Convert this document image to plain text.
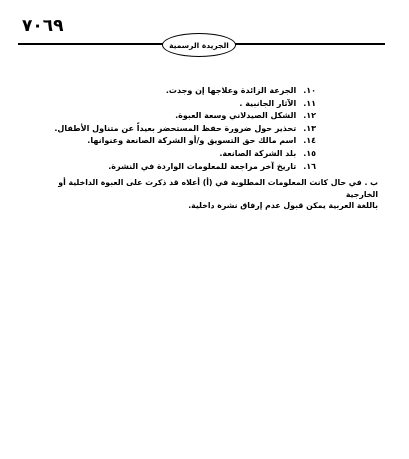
٧٠٦٩
الجريدة الرسمية
١٠. الجرعة الزائدة وعلاجها إن وجدت.
١١. الآثار الجانبية .
١٢. الشكل الصيدلاني وسعة العبوة.
١٣. تحذير حول ضرورة حفظ المستحضر بعيداً عن متناول الأطفال.
١٤. اسم مالك حق التسويق و/أو الشركة الصانعة وعنوانها.
١٥. بلد الشركة الصانعة.
١٦. تاريخ آخر مراجعة للمعلومات الواردة في النشرة.
ب . في حال كانت المعلومات المطلوبة في (أ) أعلاه قد ذكرت على العبوة الداخلية أو الخارجية
باللغة العربية يمكن قبول عدم إرفاق نشرة داخلية.
